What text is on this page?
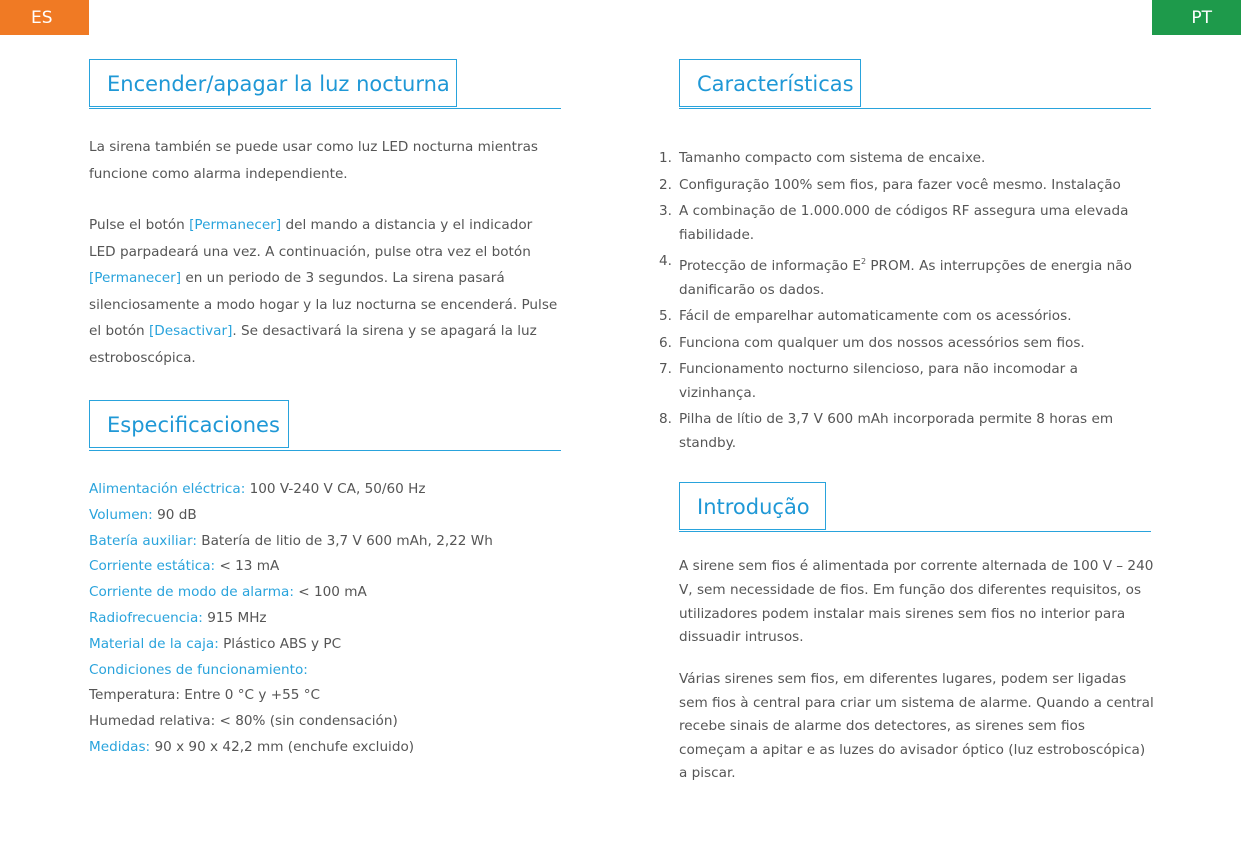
ES	PT
Encender/apagar la luz nocturna

La sirena también se puede usar como luz LED nocturna mientras funcione como alarma independiente.

Pulse el botón [Permanecer] del mando a distancia y el indicador LED parpadeará una vez. A continuación, pulse otra vez el botón [Permanecer] en un periodo de 3 segundos. La sirena pasará silenciosamente a modo hogar y la luz nocturna se encenderá. Pulse el botón [Desactivar]. Se desactivará la sirena y se apagará la luz estroboscópica.

Especificaciones
Alimentación eléctrica: 100 V-240 V CA, 50/60 Hz
Volumen: 90 dB
Batería auxiliar: Batería de litio de 3,7 V 600 mAh, 2,22 Wh
Corriente estática: < 13 mA
Corriente de modo de alarma: < 100 mA
Radiofrecuencia: 915 MHz
Material de la caja: Plástico ABS y PC
Condiciones de funcionamiento:
Temperatura: Entre 0 °C y +55 °C
Humedad relativa: < 80% (sin condensación)
Medidas: 90 x 90 x 42,2 mm (enchufe excluido)
Características
1. Tamanho compacto com sistema de encaixe.
2. Configuração 100% sem fios, para fazer você mesmo. Instalação
3. A combinação de 1.000.000 de códigos RF assegura uma elevada fiabilidade.
4. Protecção de informação $E^2$ PROM. As interrupções de energia não danificarão os dados.
5. Fácil de emparelhar automaticamente com os acessórios.
6. Funciona com qualquer um dos nossos acessórios sem fios.
7. Funcionamento nocturno silencioso, para não incomodar a vizinhança.
8. Pilha de lítio de 3,7 V 600 mAh incorporada permite 8 horas em standby.
Introdução

A sirene sem fios é alimentada por corrente alternada de 100 V – 240 V, sem necessidade de fios. Em função dos diferentes requisitos, os utilizadores podem instalar mais sirenes sem fios no interior para dissuadir intrusos.

Várias sirenes sem fios, em diferentes lugares, podem ser ligadas sem fios à central para criar um sistema de alarme. Quando a central recebe sinais de alarme dos detectores, as sirenes sem fios começam a apitar e as luzes do avisador óptico (luz estroboscópica) a piscar.
